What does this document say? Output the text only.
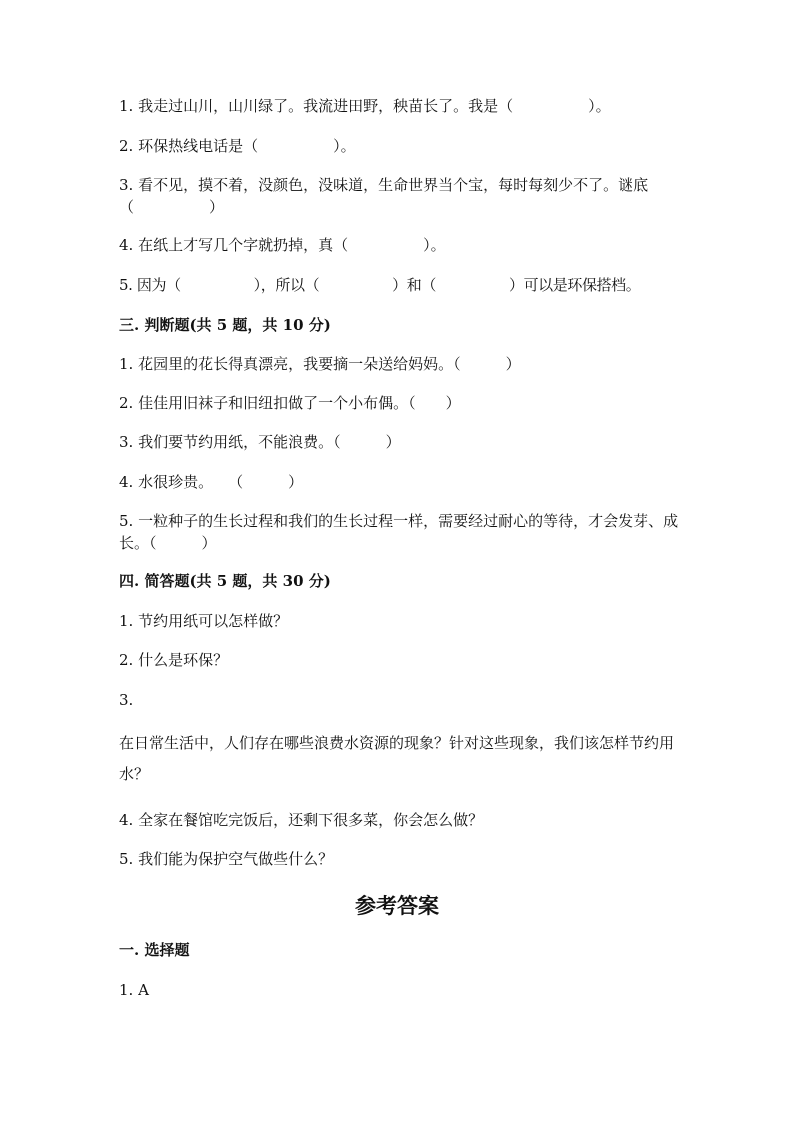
1. 我走过山川，山川绿了。我流进田野，秧苗长了。我是（　　　　　）。
2. 环保热线电话是（　　　　　）。
3. 看不见，摸不着，没颜色，没味道，生命世界当个宝，每时每刻少不了。谜底（　　　　　）
4. 在纸上才写几个字就扔掉，真（　　　　　）。
5. 因为（　　　　　），所以（　　　　　）和（　　　　　）可以是环保搭档。
三. 判断题(共 5 题，共 10 分)
1. 花园里的花长得真漂亮，我要摘一朵送给妈妈。（　　　）
2. 佳佳用旧袜子和旧纽扣做了一个小布偶。（　　）
3. 我们要节约用纸，不能浪费。（　　　）
4. 水很珍贵。　　（　　　）
5. 一粒种子的生长过程和我们的生长过程一样，需要经过耐心的等待，才会发芽、成长。（　　　）
四. 简答题(共 5 题，共 30 分)
1. 节约用纸可以怎样做？
2. 什么是环保？
3.
在日常生活中，人们存在哪些浪费水资源的现象？针对这些现象，我们该怎样节约用水？
4. 全家在餐馆吃完饭后，还剩下很多菜，你会怎么做？
5. 我们能为保护空气做些什么？
参考答案
一. 选择题
1. A
